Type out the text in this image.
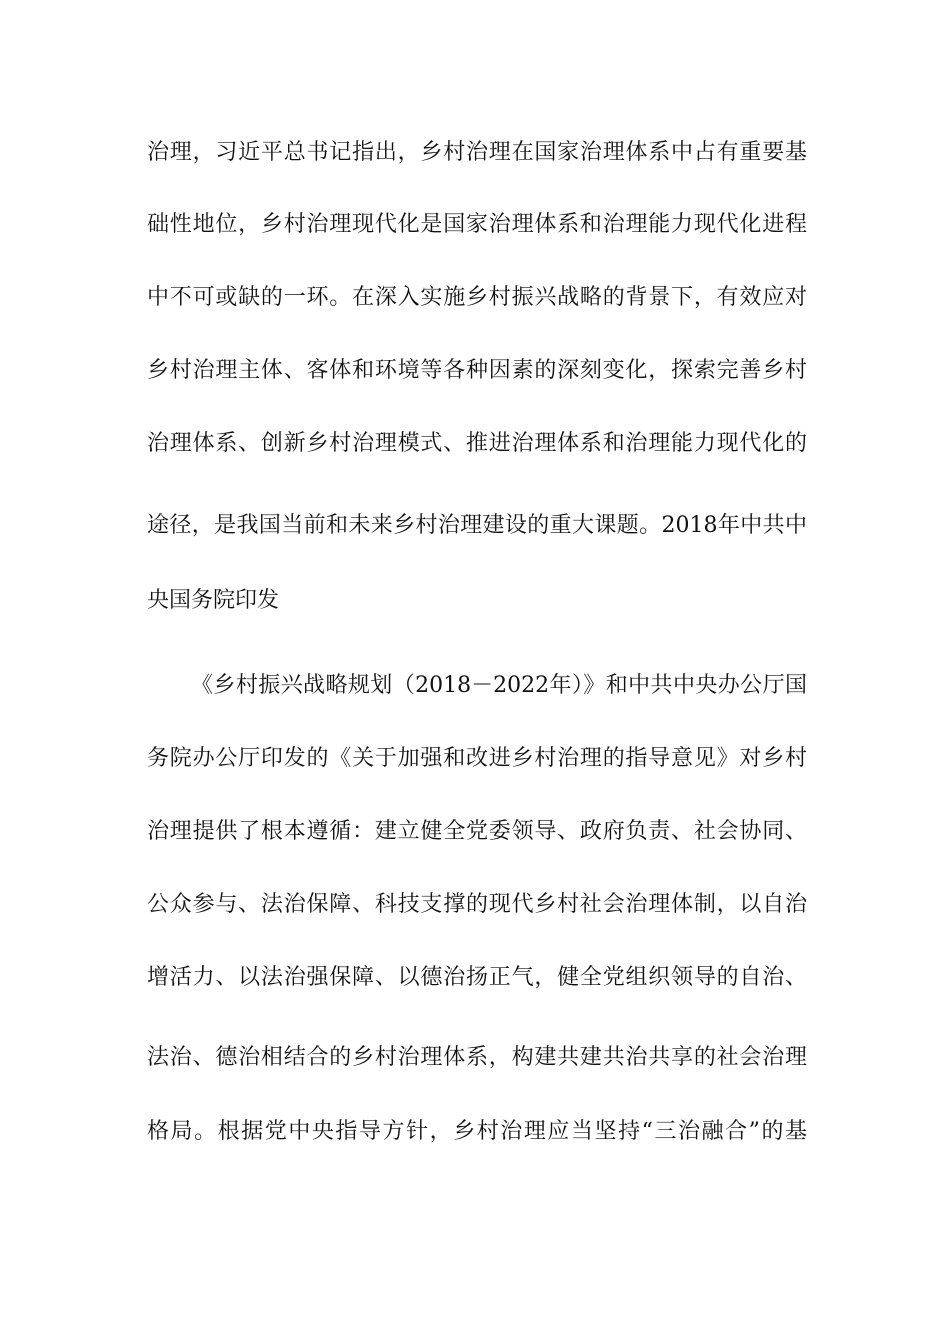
治理，习近平总书记指出，乡村治理在国家治理体系中占有重要基
础性地位，乡村治理现代化是国家治理体系和治理能力现代化进程
中不可或缺的一环。在深入实施乡村振兴战略的背景下，有效应对
乡村治理主体、客体和环境等各种因素的深刻变化，探索完善乡村
治理体系、创新乡村治理模式、推进治理体系和治理能力现代化的
途径，是我国当前和未来乡村治理建设的重大课题。2018年中共中
央国务院印发
《乡村振兴战略规划（2018－2022年）》和中共中央办公厅国
务院办公厅印发的《关于加强和改进乡村治理的指导意见》对乡村
治理提供了根本遵循：建立健全党委领导、政府负责、社会协同、
公众参与、法治保障、科技支撑的现代乡村社会治理体制，以自治
增活力、以法治强保障、以德治扬正气，健全党组织领导的自治、
法治、德治相结合的乡村治理体系，构建共建共治共享的社会治理
格局。根据党中央指导方针，乡村治理应当坚持“三治融合”的基
